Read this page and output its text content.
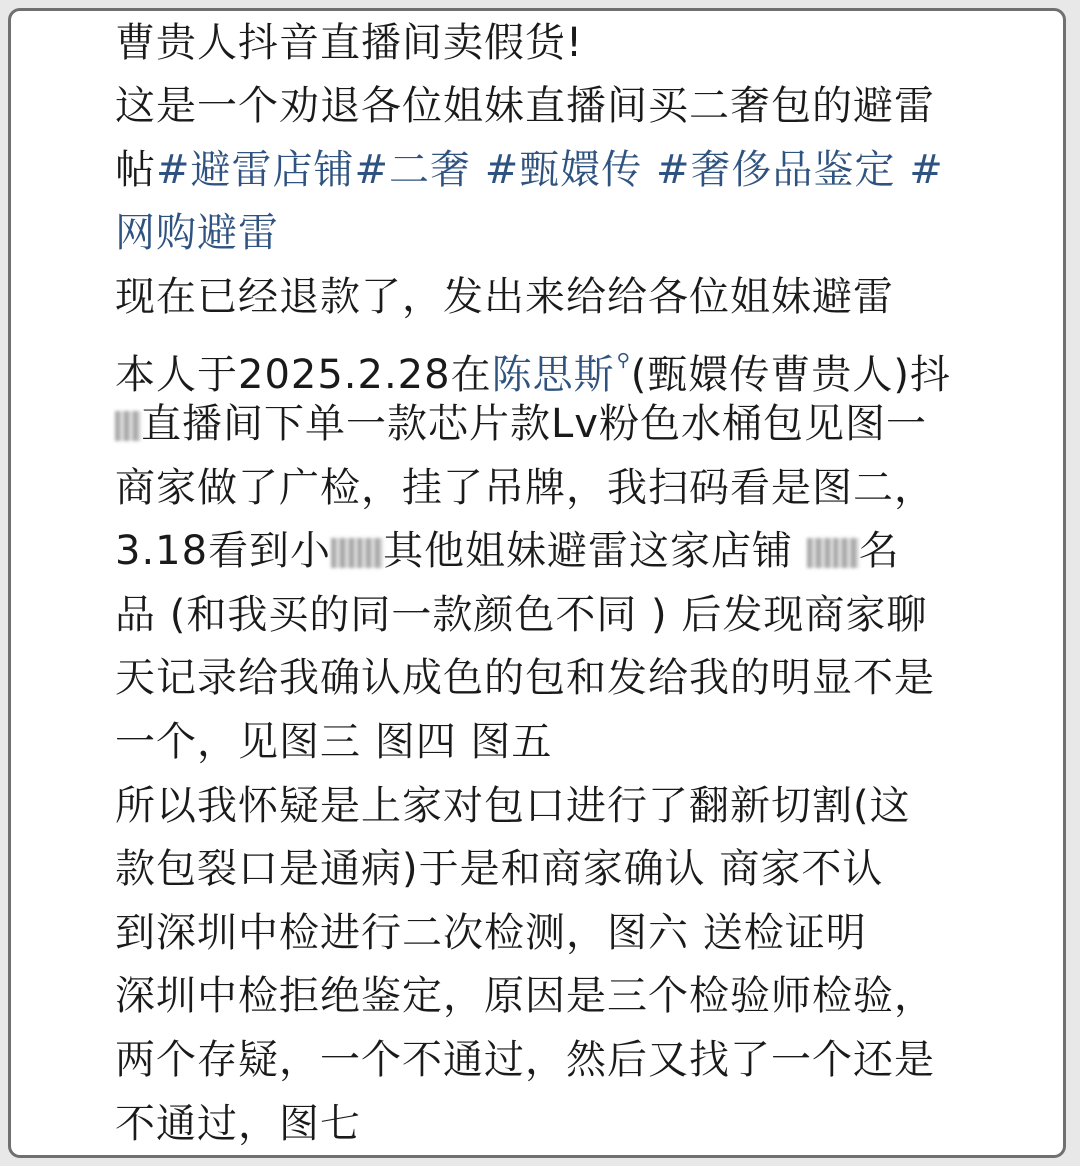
曹贵人抖音直播间卖假货!
这是一个劝退各位姐妹直播间买二奢包的避雷
帖#避雷店铺#二奢 #甄嬛传 #奢侈品鉴定 #
网购避雷
现在已经退款了，发出来给给各位姐妹避雷
本人于2025.2.28在陈思斯 ⚲(甄嬛传曹贵人)抖
直播间下单一款芯片款Lv粉色水桶包见图一
商家做了广检，挂了吊牌，我扫码看是图二，
3.18看到小 其他姐妹避雷这家店铺 名
品 (和我买的同一款颜色不同 ) 后发现商家聊
天记录给我确认成色的包和发给我的明显不是
一个，见图三 图四 图五
所以我怀疑是上家对包口进行了翻新切割(这
款包裂口是通病)于是和商家确认 商家不认
到深圳中检进行二次检测，图六 送检证明
深圳中检拒绝鉴定，原因是三个检验师检验，
两个存疑，一个不通过，然后又找了一个还是
不通过，图七
